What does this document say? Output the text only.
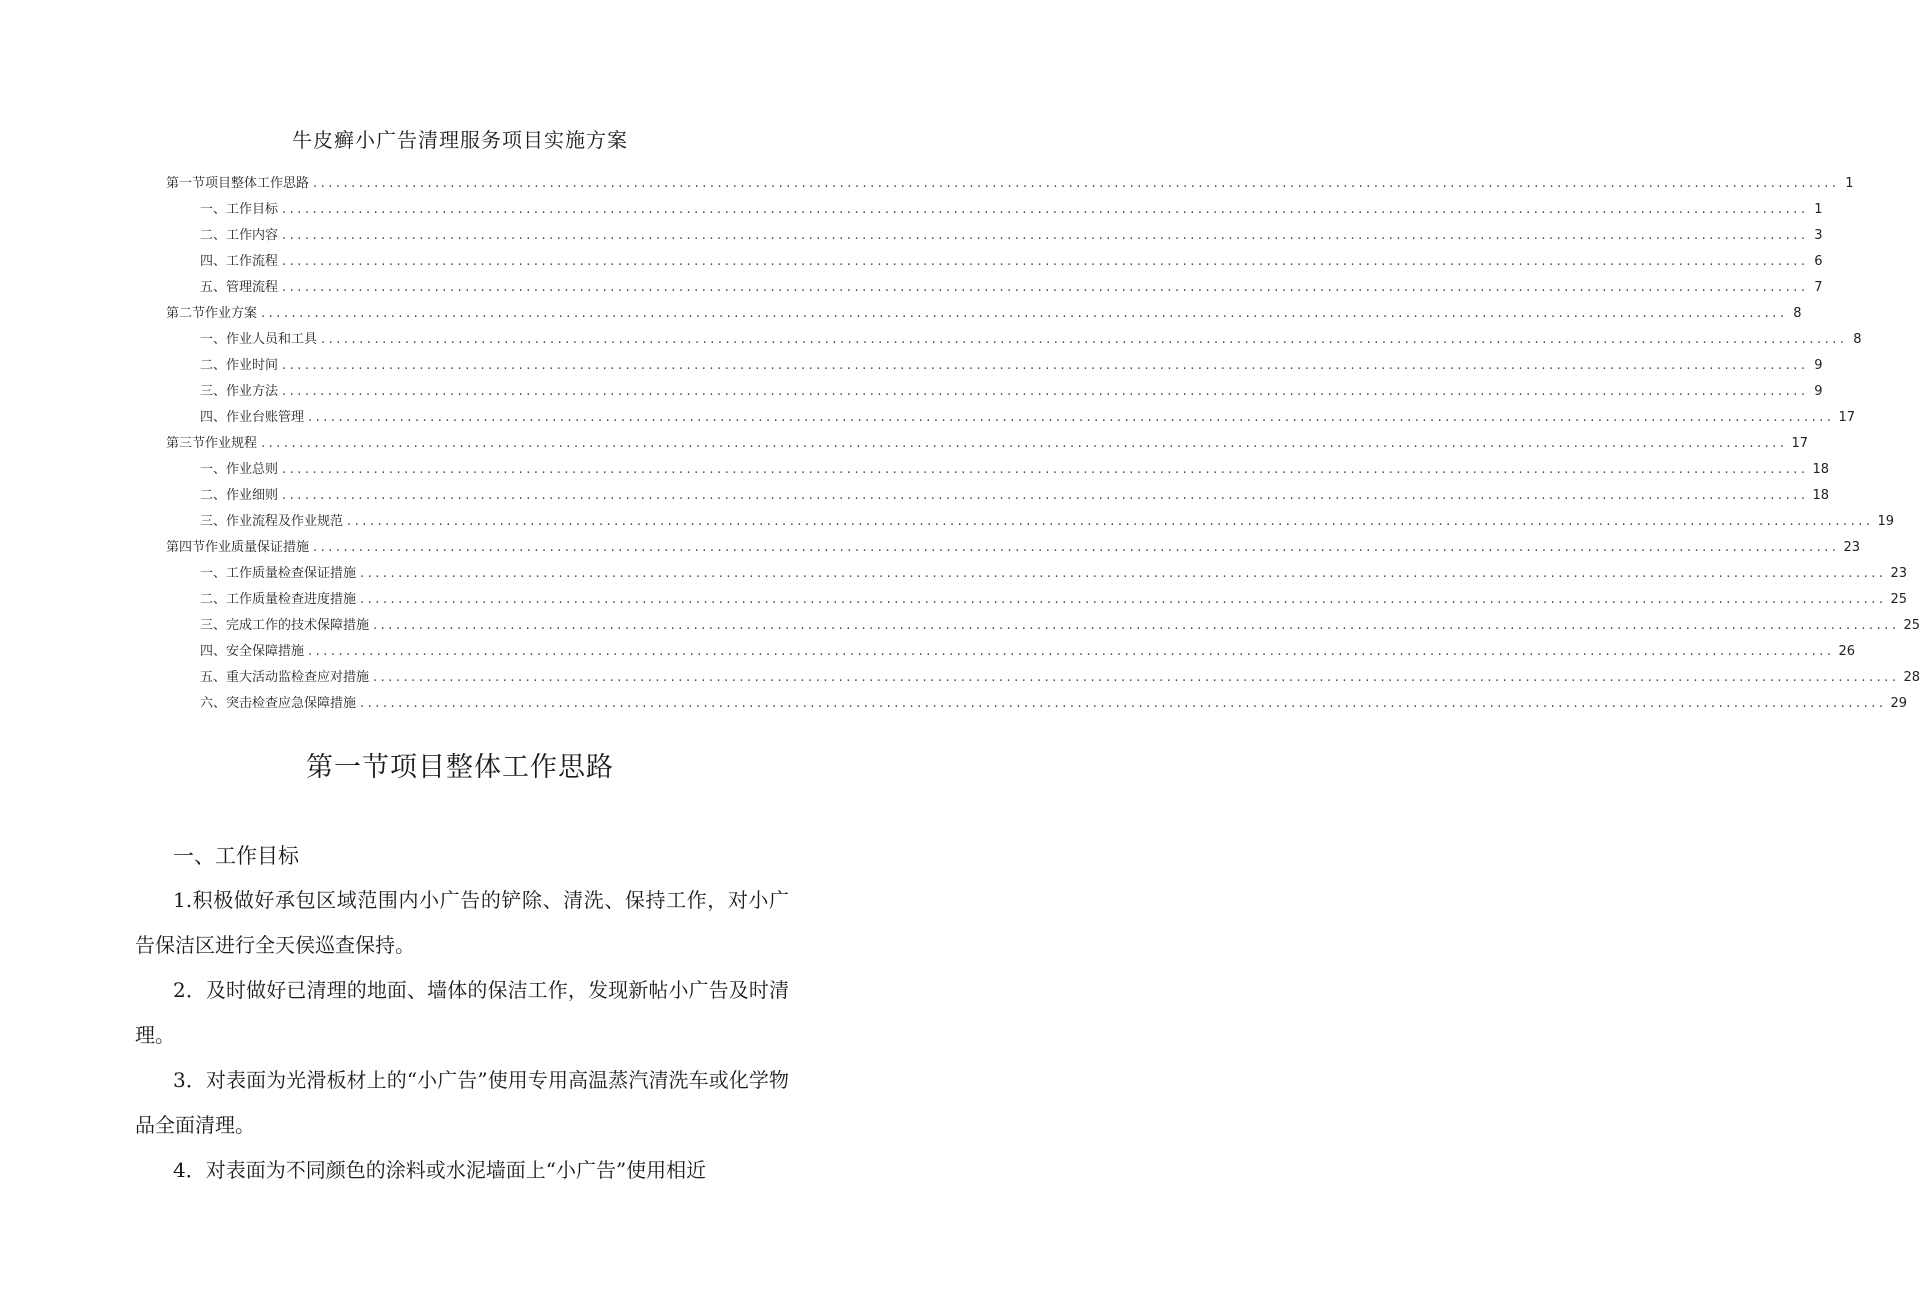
牛皮癣小广告清理服务项目实施方案
第一节项目整体工作思路 ........................................................................................................................................................................................................ 1
一、工作目标 ........................................................................................................................................................................................................ 1
二、工作内容 ........................................................................................................................................................................................................ 3
四、工作流程 ........................................................................................................................................................................................................ 6
五、管理流程 ........................................................................................................................................................................................................ 7
第二节作业方案 ........................................................................................................................................................................................................ 8
一、作业人员和工具 ........................................................................................................................................................................................................ 8
二、作业时间 ........................................................................................................................................................................................................ 9
三、作业方法 ........................................................................................................................................................................................................ 9
四、作业台账管理 ........................................................................................................................................................................................................ 17
第三节作业规程 ........................................................................................................................................................................................................ 17
一、作业总则 ........................................................................................................................................................................................................ 18
二、作业细则 ........................................................................................................................................................................................................ 18
三、作业流程及作业规范 ........................................................................................................................................................................................................ 19
第四节作业质量保证措施 ........................................................................................................................................................................................................ 23
一、工作质量检查保证措施 ........................................................................................................................................................................................................ 23
二、工作质量检查进度措施 ........................................................................................................................................................................................................ 25
三、完成工作的技术保障措施 ........................................................................................................................................................................................................ 25
四、安全保障措施 ........................................................................................................................................................................................................ 26
五、重大活动监检查应对措施 ........................................................................................................................................................................................................ 28
六、突击检查应急保障措施 ........................................................................................................................................................................................................ 29
第一节项目整体工作思路

一、工作目标

1.积极做好承包区域范围内小广告的铲除、清洗、保持工作，对小广告保洁区进行全天侯巡查保持。

2．及时做好已清理的地面、墙体的保洁工作，发现新帖小广告及时清理。

3．对表面为光滑板材上的“小广告”使用专用高温蒸汽清洗车或化学物品全面清理。

4．对表面为不同颜色的涂料或水泥墙面上“小广告”使用相近
